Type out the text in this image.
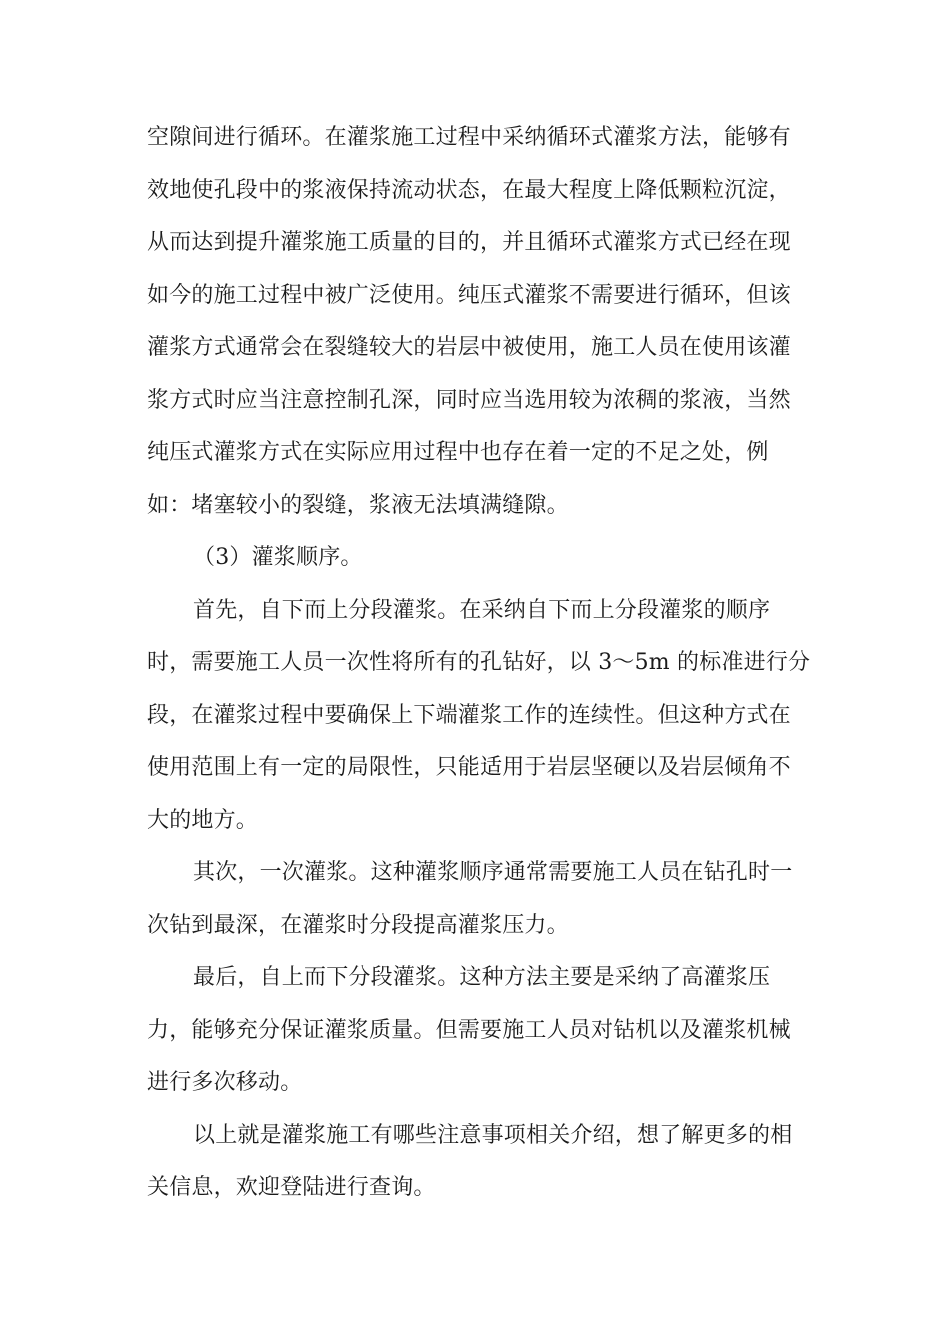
空隙间进行循环。在灌浆施工过程中采纳循环式灌浆方法，能够有
效地使孔段中的浆液保持流动状态，在最大程度上降低颗粒沉淀，
从而达到提升灌浆施工质量的目的，并且循环式灌浆方式已经在现
如今的施工过程中被广泛使用。纯压式灌浆不需要进行循环，但该
灌浆方式通常会在裂缝较大的岩层中被使用，施工人员在使用该灌
浆方式时应当注意控制孔深，同时应当选用较为浓稠的浆液，当然
纯压式灌浆方式在实际应用过程中也存在着一定的不足之处，例
如：堵塞较小的裂缝，浆液无法填满缝隙。
（3）灌浆顺序。
首先，自下而上分段灌浆。在采纳自下而上分段灌浆的顺序
时，需要施工人员一次性将所有的孔钻好，以 3～5m 的标准进行分
段，在灌浆过程中要确保上下端灌浆工作的连续性。但这种方式在
使用范围上有一定的局限性，只能适用于岩层坚硬以及岩层倾角不
大的地方。
其次，一次灌浆。这种灌浆顺序通常需要施工人员在钻孔时一
次钻到最深，在灌浆时分段提高灌浆压力。
最后，自上而下分段灌浆。这种方法主要是采纳了高灌浆压
力，能够充分保证灌浆质量。但需要施工人员对钻机以及灌浆机械
进行多次移动。
以上就是灌浆施工有哪些注意事项相关介绍，想了解更多的相
关信息，欢迎登陆进行查询。
